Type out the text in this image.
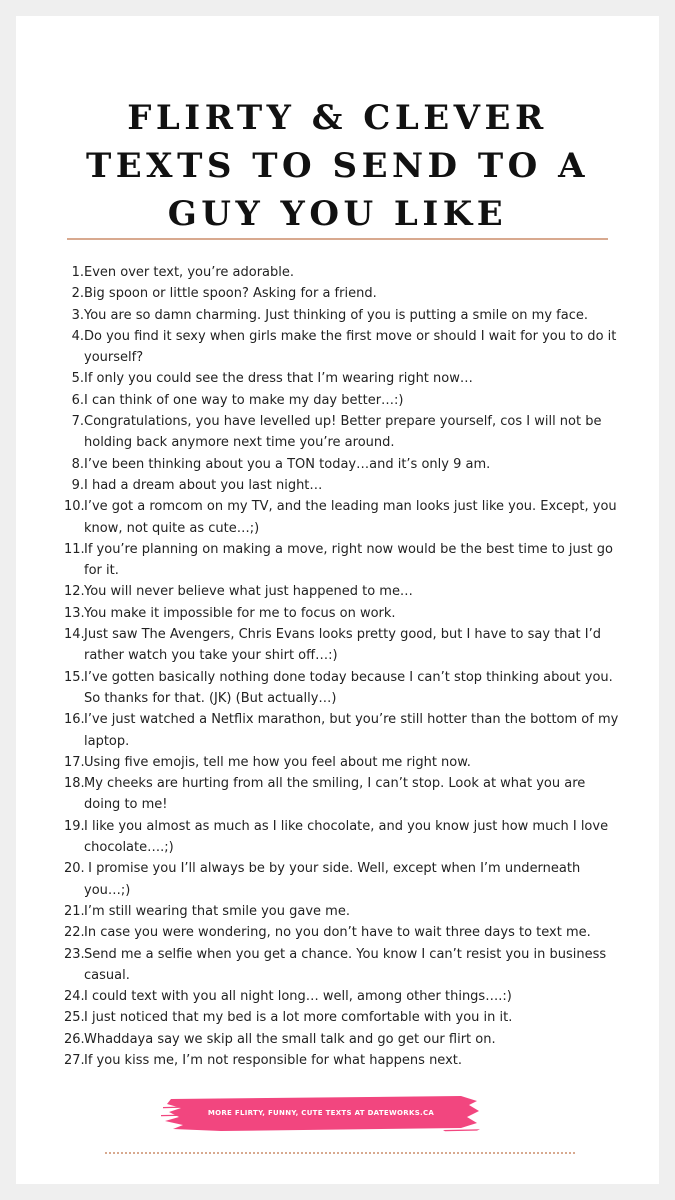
FLIRTY & CLEVER
TEXTS TO SEND TO A
GUY YOU LIKE
1. Even over text, you’re adorable.
2. Big spoon or little spoon? Asking for a friend.
3. You are so damn charming. Just thinking of you is putting a smile on my face.
4. Do you find it sexy when girls make the first move or should I wait for you to do it yourself?
5. If only you could see the dress that I’m wearing right now…
6. I can think of one way to make my day better…:)
7. Congratulations, you have levelled up! Better prepare yourself, cos I will not be holding back anymore next time you’re around.
8. I’ve been thinking about you a TON today…and it’s only 9 am.
9. I had a dream about you last night…
10. I’ve got a romcom on my TV, and the leading man looks just like you. Except, you know, not quite as cute…;)
11. If you’re planning on making a move, right now would be the best time to just go for it.
12. You will never believe what just happened to me…
13. You make it impossible for me to focus on work.
14. Just saw The Avengers, Chris Evans looks pretty good, but I have to say that I’d rather watch you take your shirt off…:)
15. I’ve gotten basically nothing done today because I can’t stop thinking about you. So thanks for that. (JK) (But actually…)
16. I’ve just watched a Netflix marathon, but you’re still hotter than the bottom of my laptop.
17. Using five emojis, tell me how you feel about me right now.
18. My cheeks are hurting from all the smiling, I can’t stop. Look at what you are doing to me!
19. I like you almost as much as I like chocolate, and you know just how much I love chocolate….;)
20. I promise you I’ll always be by your side. Well, except when I’m underneath you…;)
21. I’m still wearing that smile you gave me.
22. In case you were wondering, no you don’t have to wait three days to text me.
23. Send me a selfie when you get a chance. You know I can’t resist you in business casual.
24. I could text with you all night long… well, among other things….:)
25. I just noticed that my bed is a lot more comfortable with you in it.
26. Whaddaya say we skip all the small talk and go get our flirt on.
27. If you kiss me, I’m not responsible for what happens next.
MORE FLIRTY, FUNNY, CUTE TEXTS AT DATEWORKS.CA
